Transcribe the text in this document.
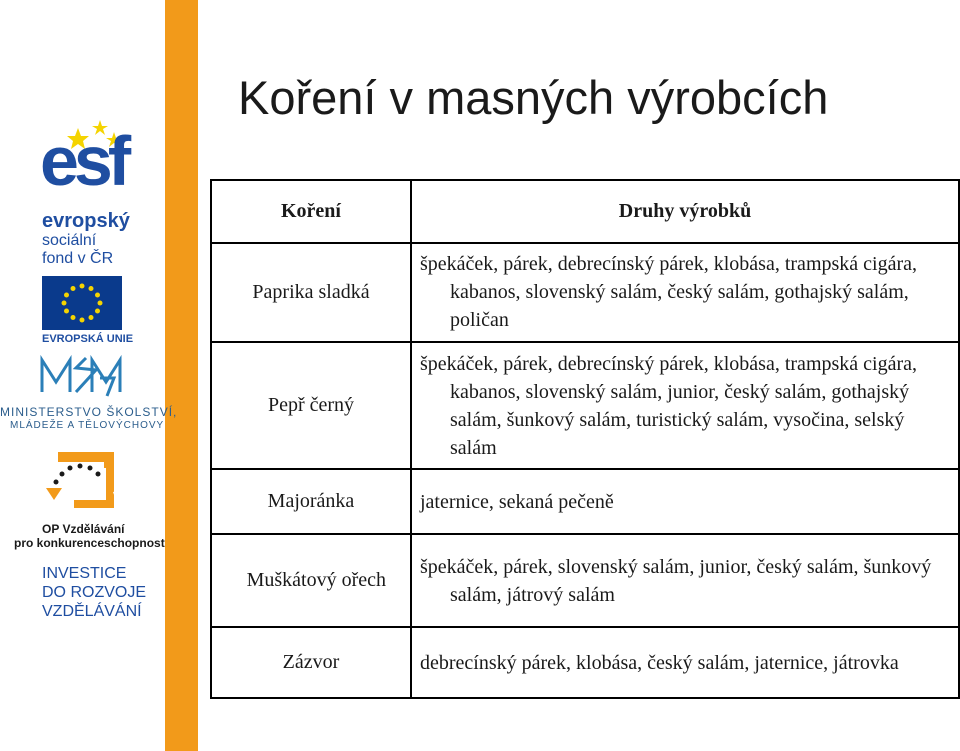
Koření v masných výrobcích
esf
evropský
sociální
fond v ČR
EVROPSKÁ UNIE
MINISTERSTVO ŠKOLSTVÍ,
MLÁDEŽE A TĚLOVÝCHOVY
2007-13
OP Vzdělávání
pro konkurenceschopnost
INVESTICE
DO ROZVOJE
VZDĚLÁVÁNÍ
Koření	Druhy výrobků
Paprika sladká	špekáček, párek, debrecínský párek, klobása, trampská cigára, kabanos, slovenský salám, český salám, gothajský salám, poličan
Pepř černý	špekáček, párek, debrecínský párek, klobása, trampská cigára, kabanos, slovenský salám, junior, český salám, gothajský salám, šunkový salám, turistický salám, vysočina, selský salám
Majoránka	jaternice, sekaná pečeně
Muškátový ořech	špekáček, párek, slovenský salám, junior, český salám, šunkový salám, játrový salám
Zázvor	debrecínský párek, klobása, český salám, jaternice, játrovka
